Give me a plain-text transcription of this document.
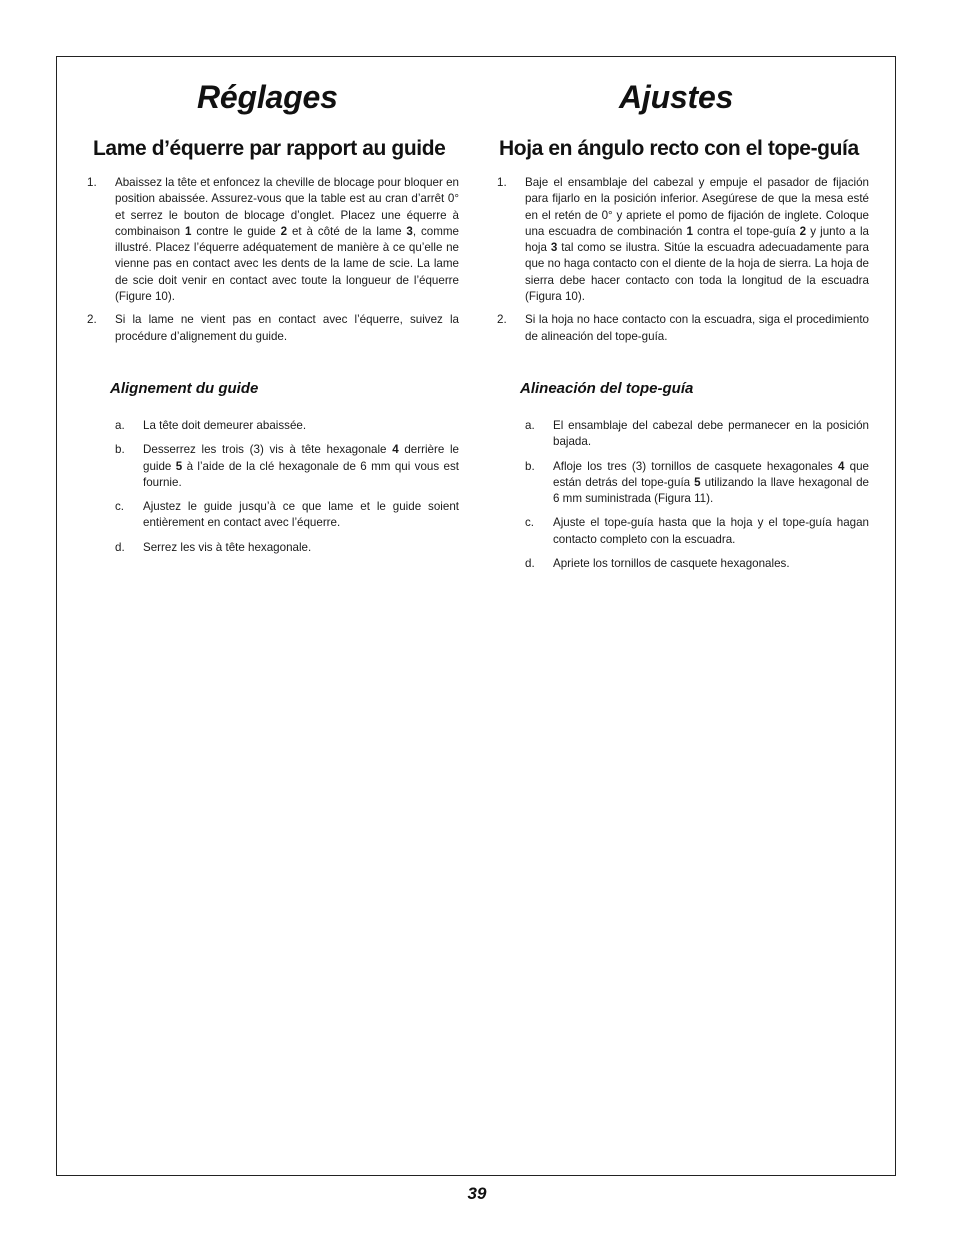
Réglages
Lame d’équerre par rapport au guide
1. Abaissez la tête et enfoncez la cheville de blocage pour bloquer en position abaissée. Assurez-vous que la table est au cran d’arrêt 0° et serrez le bouton de blocage d’onglet. Placez une équerre à combinaison 1 contre le guide 2 et à côté de la lame 3, comme illustré. Placez l’équerre adéquatement de manière à ce qu’elle ne vienne pas en contact avec les dents de la lame de scie. La lame de scie doit venir en contact avec toute la longueur de l’équerre (Figure 10).
2. Si la lame ne vient pas en contact avec l’équerre, suivez la procédure d’alignement du guide.
Alignement du guide
a. La tête doit demeurer abaissée.
b. Desserrez les trois (3) vis à tête hexagonale 4 derrière le guide 5 à l’aide de la clé hexagonale de 6 mm qui vous est fournie.
c. Ajustez le guide jusqu’à ce que lame et le guide soient entièrement en contact avec l’équerre.
d. Serrez les vis à tête hexagonale.
Ajustes
Hoja en ángulo recto con el tope-guía
1. Baje el ensamblaje del cabezal y empuje el pasador de fijación para fijarlo en la posición inferior. Asegúrese de que la mesa esté en el retén de 0° y apriete el pomo de fijación de inglete. Coloque una escuadra de combinación 1 contra el tope-guía 2 y junto a la hoja 3 tal como se ilustra. Sitúe la escuadra adecuadamente para que no haga contacto con el diente de la hoja de sierra. La hoja de sierra debe hacer contacto con toda la longitud de la escuadra (Figura 10).
2. Si la hoja no hace contacto con la escuadra, siga el procedimiento de alineación del tope-guía.
Alineación del tope-guía
a. El ensamblaje del cabezal debe permanecer en la posición bajada.
b. Afloje los tres (3) tornillos de casquete hexagonales 4 que están detrás del tope-guía 5 utilizando la llave hexagonal de 6 mm suministrada (Figura 11).
c. Ajuste el tope-guía hasta que la hoja y el tope-guía hagan contacto completo con la escuadra.
d. Apriete los tornillos de casquete hexagonales.
39
